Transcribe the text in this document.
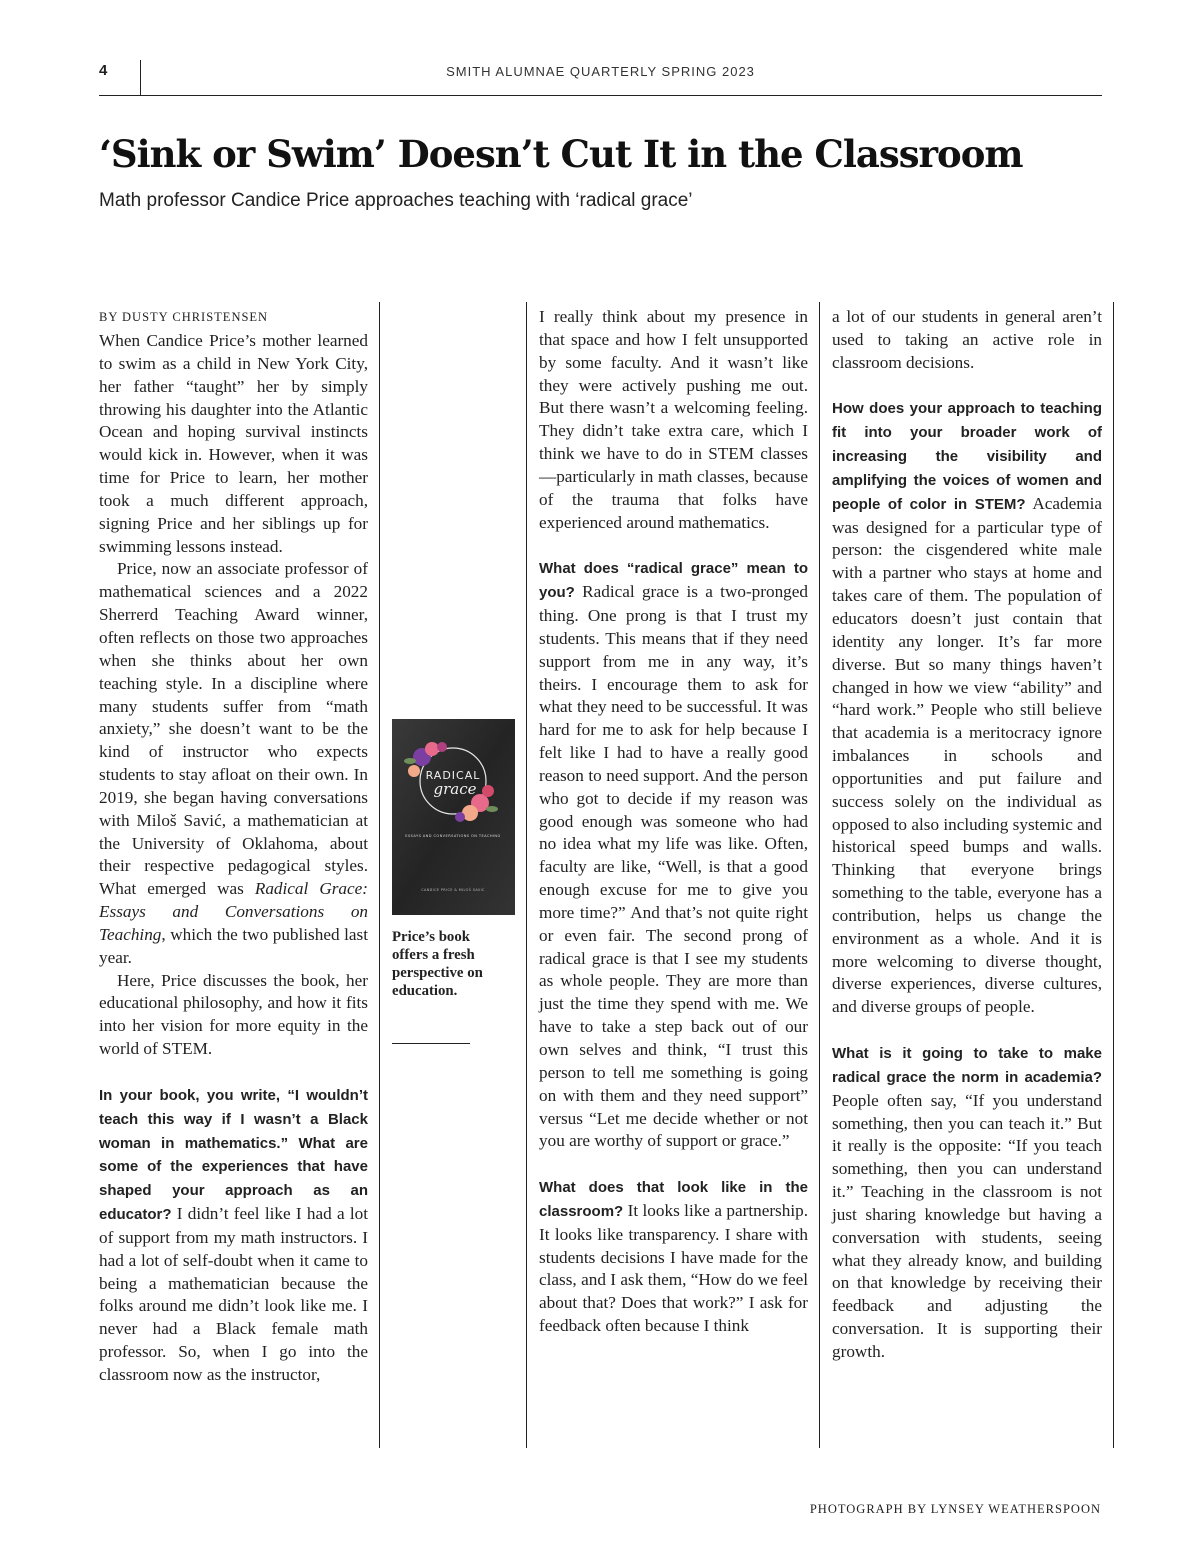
4	SMITH ALUMNAE QUARTERLY SPRING 2023
‘Sink or Swim’ Doesn’t Cut It in the Classroom

Math professor Candice Price approaches teaching with ‘radical grace’

BY DUSTY CHRISTENSEN

When Candice Price’s mother learned to swim as a child in New York City, her father “taught” her by simply throwing his daughter into the Atlantic Ocean and hoping survival instincts would kick in. However, when it was time for Price to learn, her mother took a much different approach, signing Price and her siblings up for swimming lessons instead.

Price, now an associate professor of mathematical sciences and a 2022 Sherrerd Teaching Award winner, often reflects on those two approaches when she thinks about her own teaching style. In a discipline where many students suffer from “math anxiety,” she doesn’t want to be the kind of instructor who expects students to stay afloat on their own. In 2019, she began having conversations with Miloš Savić, a mathematician at the University of Oklahoma, about their respective pedagogical styles. What emerged was Radical Grace: Essays and Conversations on Teaching, which the two published last year.

Here, Price discusses the book, her educational philosophy, and how it fits into her vision for more equity in the world of STEM.

In your book, you write, “I wouldn’t teach this way if I wasn’t a Black woman in mathematics.” What are some of the experiences that have shaped your approach as an educator? I didn’t feel like I had a lot of support from my math instructors. I had a lot of self-doubt when it came to being a mathematician because the folks around me didn’t look like me. I never had a Black female math professor. So, when I go into the classroom now as the instructor,

RADICAL
grace
ESSAYS AND CONVERSATIONS ON TEACHING
CANDICE PRICE & MILOŠ SAVIĆ
Price’s book offers a fresh perspective on education.

I really think about my presence in that space and how I felt unsupported by some faculty. And it wasn’t like they were actively pushing me out. But there wasn’t a welcoming feeling. They didn’t take extra care, which I think we have to do in STEM classes—particularly in math classes, because of the trauma that folks have experienced around mathematics.

What does “radical grace” mean to you? Radical grace is a two-pronged thing. One prong is that I trust my students. This means that if they need support from me in any way, it’s theirs. I encourage them to ask for what they need to be successful. It was hard for me to ask for help because I felt like I had to have a really good reason to need support. And the person who got to decide if my reason was good enough was someone who had no idea what my life was like. Often, faculty are like, “Well, is that a good enough excuse for me to give you more time?” And that’s not quite right or even fair. The second prong of radical grace is that I see my students as whole people. They are more than just the time they spend with me. We have to take a step back out of our own selves and think, “I trust this person to tell me something is going on with them and they need support” versus “Let me decide whether or not you are worthy of support or grace.”

What does that look like in the classroom? It looks like a partnership. It looks like transparency. I share with students decisions I have made for the class, and I ask them, “How do we feel about that? Does that work?” I ask for feedback often because I think

a lot of our students in general aren’t used to taking an active role in classroom decisions.

How does your approach to teaching fit into your broader work of increasing the visibility and amplifying the voices of women and people of color in STEM? Academia was designed for a particular type of person: the cisgendered white male with a partner who stays at home and takes care of them. The population of educators doesn’t just contain that identity any longer. It’s far more diverse. But so many things haven’t changed in how we view “ability” and “hard work.” People who still believe that academia is a meritocracy ignore imbalances in schools and opportunities and put failure and success solely on the individual as opposed to also including systemic and historical speed bumps and walls. Thinking that everyone brings something to the table, everyone has a contribution, helps us change the environment as a whole. And it is more welcoming to diverse thought, diverse experiences, diverse cultures, and diverse groups of people.

What is it going to take to make radical grace the norm in academia? People often say, “If you understand something, then you can teach it.” But it really is the opposite: “If you teach something, then you can understand it.” Teaching in the classroom is not just sharing knowledge but having a conversation with students, seeing what they already know, and building on that knowledge by receiving their feedback and adjusting the conversation. It is supporting their growth.

PHOTOGRAPH BY LYNSEY WEATHERSPOON
